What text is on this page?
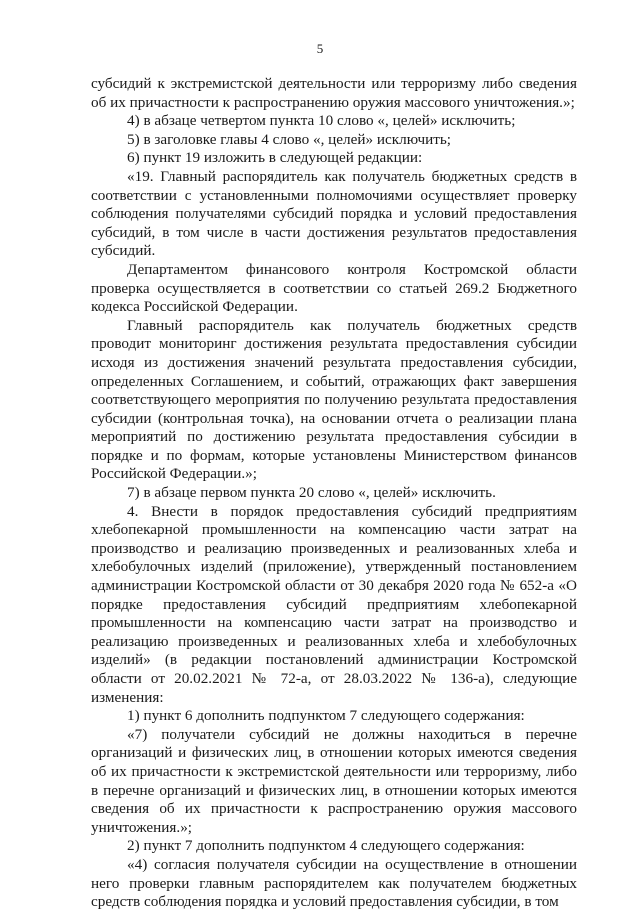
5

субсидий к экстремистской деятельности или терроризму либо сведения об их причастности к распространению оружия массового уничтожения.»;

4) в абзаце четвертом пункта 10 слово «, целей» исключить;

5) в заголовке главы 4 слово «, целей» исключить;

6) пункт 19 изложить в следующей редакции:

«19. Главный распорядитель как получатель бюджетных средств в соответствии с установленными полномочиями осуществляет проверку соблюдения получателями субсидий порядка и условий предоставления субсидий, в том числе в части достижения результатов предоставления субсидий.

Департаментом финансового контроля Костромской области проверка осуществляется в соответствии со статьей 269.2 Бюджетного кодекса Российской Федерации.

Главный распорядитель как получатель бюджетных средств проводит мониторинг достижения результата предоставления субсидии исходя из достижения значений результата предоставления субсидии, определенных Соглашением, и событий, отражающих факт завершения соответствующего мероприятия по получению результата предоставления субсидии (контрольная точка), на основании отчета о реализации плана мероприятий по достижению результата предоставления субсидии в порядке и по формам, которые установлены Министерством финансов Российской Федерации.»;

7) в абзаце первом пункта 20 слово «, целей» исключить.

4. Внести в порядок предоставления субсидий предприятиям хлебопекарной промышленности на компенсацию части затрат на производство и реализацию произведенных и реализованных хлеба и хлебобулочных изделий (приложение), утвержденный постановлением администрации Костромской области от 30 декабря 2020 года № 652-а «О порядке предоставления субсидий предприятиям хлебопекарной промышленности на компенсацию части затрат на производство и реализацию произведенных и реализованных хлеба и хлебобулочных изделий» (в редакции постановлений администрации Костромской области от 20.02.2021 № 72-а, от 28.03.2022 № 136-а), следующие изменения:

1) пункт 6 дополнить подпунктом 7 следующего содержания:

«7) получатели субсидий не должны находиться в перечне организаций и физических лиц, в отношении которых имеются сведения об их причастности к экстремистской деятельности или терроризму, либо в перечне организаций и физических лиц, в отношении которых имеются сведения об их причастности к распространению оружия массового уничтожения.»;

2) пункт 7 дополнить подпунктом 4 следующего содержания:

«4) согласия получателя субсидии на осуществление в отношении него проверки главным распорядителем как получателем бюджетных средств соблюдения порядка и условий предоставления субсидии, в том
